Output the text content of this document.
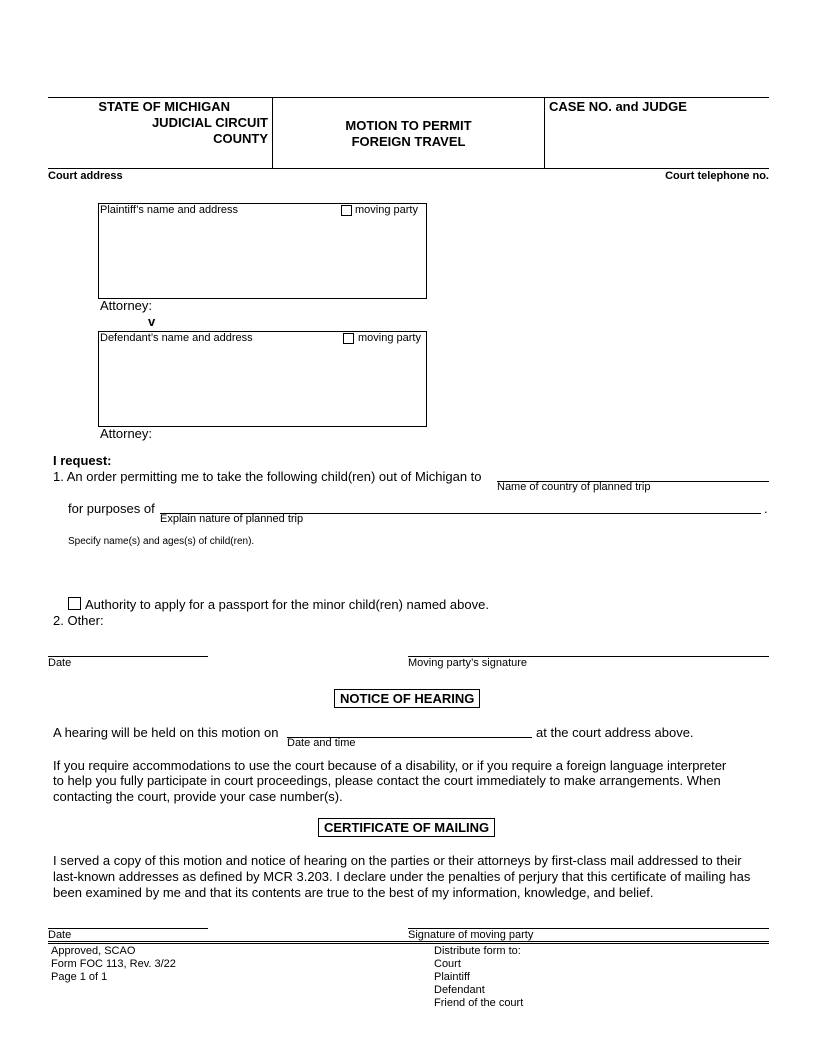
STATE OF MICHIGAN
JUDICIAL CIRCUIT
COUNTY
MOTION TO PERMIT
FOREIGN TRAVEL
CASE NO. and JUDGE
Court address	Court telephone no.
Plaintiff’s name and address	moving party
Attorney:
v
Defendant’s name and address	moving party
Attorney:
I request:
1. An order permitting me to take the following child(ren) out of Michigan to
Name of country of planned trip
for purposes of	.
Explain nature of planned trip
Specify name(s) and ages(s) of child(ren).
Authority to apply for a passport for the minor child(ren) named above.
2. Other:
Date	Moving party’s signature
NOTICE OF HEARING
A hearing will be held on this motion on
Date and time
at the court address above.
If you require accommodations to use the court because of a disability, or if you require a foreign language interpreter
to help you fully participate in court proceedings, please contact the court immediately to make arrangements. When
contacting the court, provide your case number(s).
CERTIFICATE OF MAILING
I served a copy of this motion and notice of hearing on the parties or their attorneys by first-class mail addressed to their
last-known addresses as defined by MCR 3.203. I declare under the penalties of perjury that this certificate of mailing has
been examined by me and that its contents are true to the best of my information, knowledge, and belief.
Date	Signature of moving party
Approved, SCAO
Form FOC 113, Rev. 3/22
Page 1 of 1
Distribute form to:
Court
Plaintiff
Defendant
Friend of the court
